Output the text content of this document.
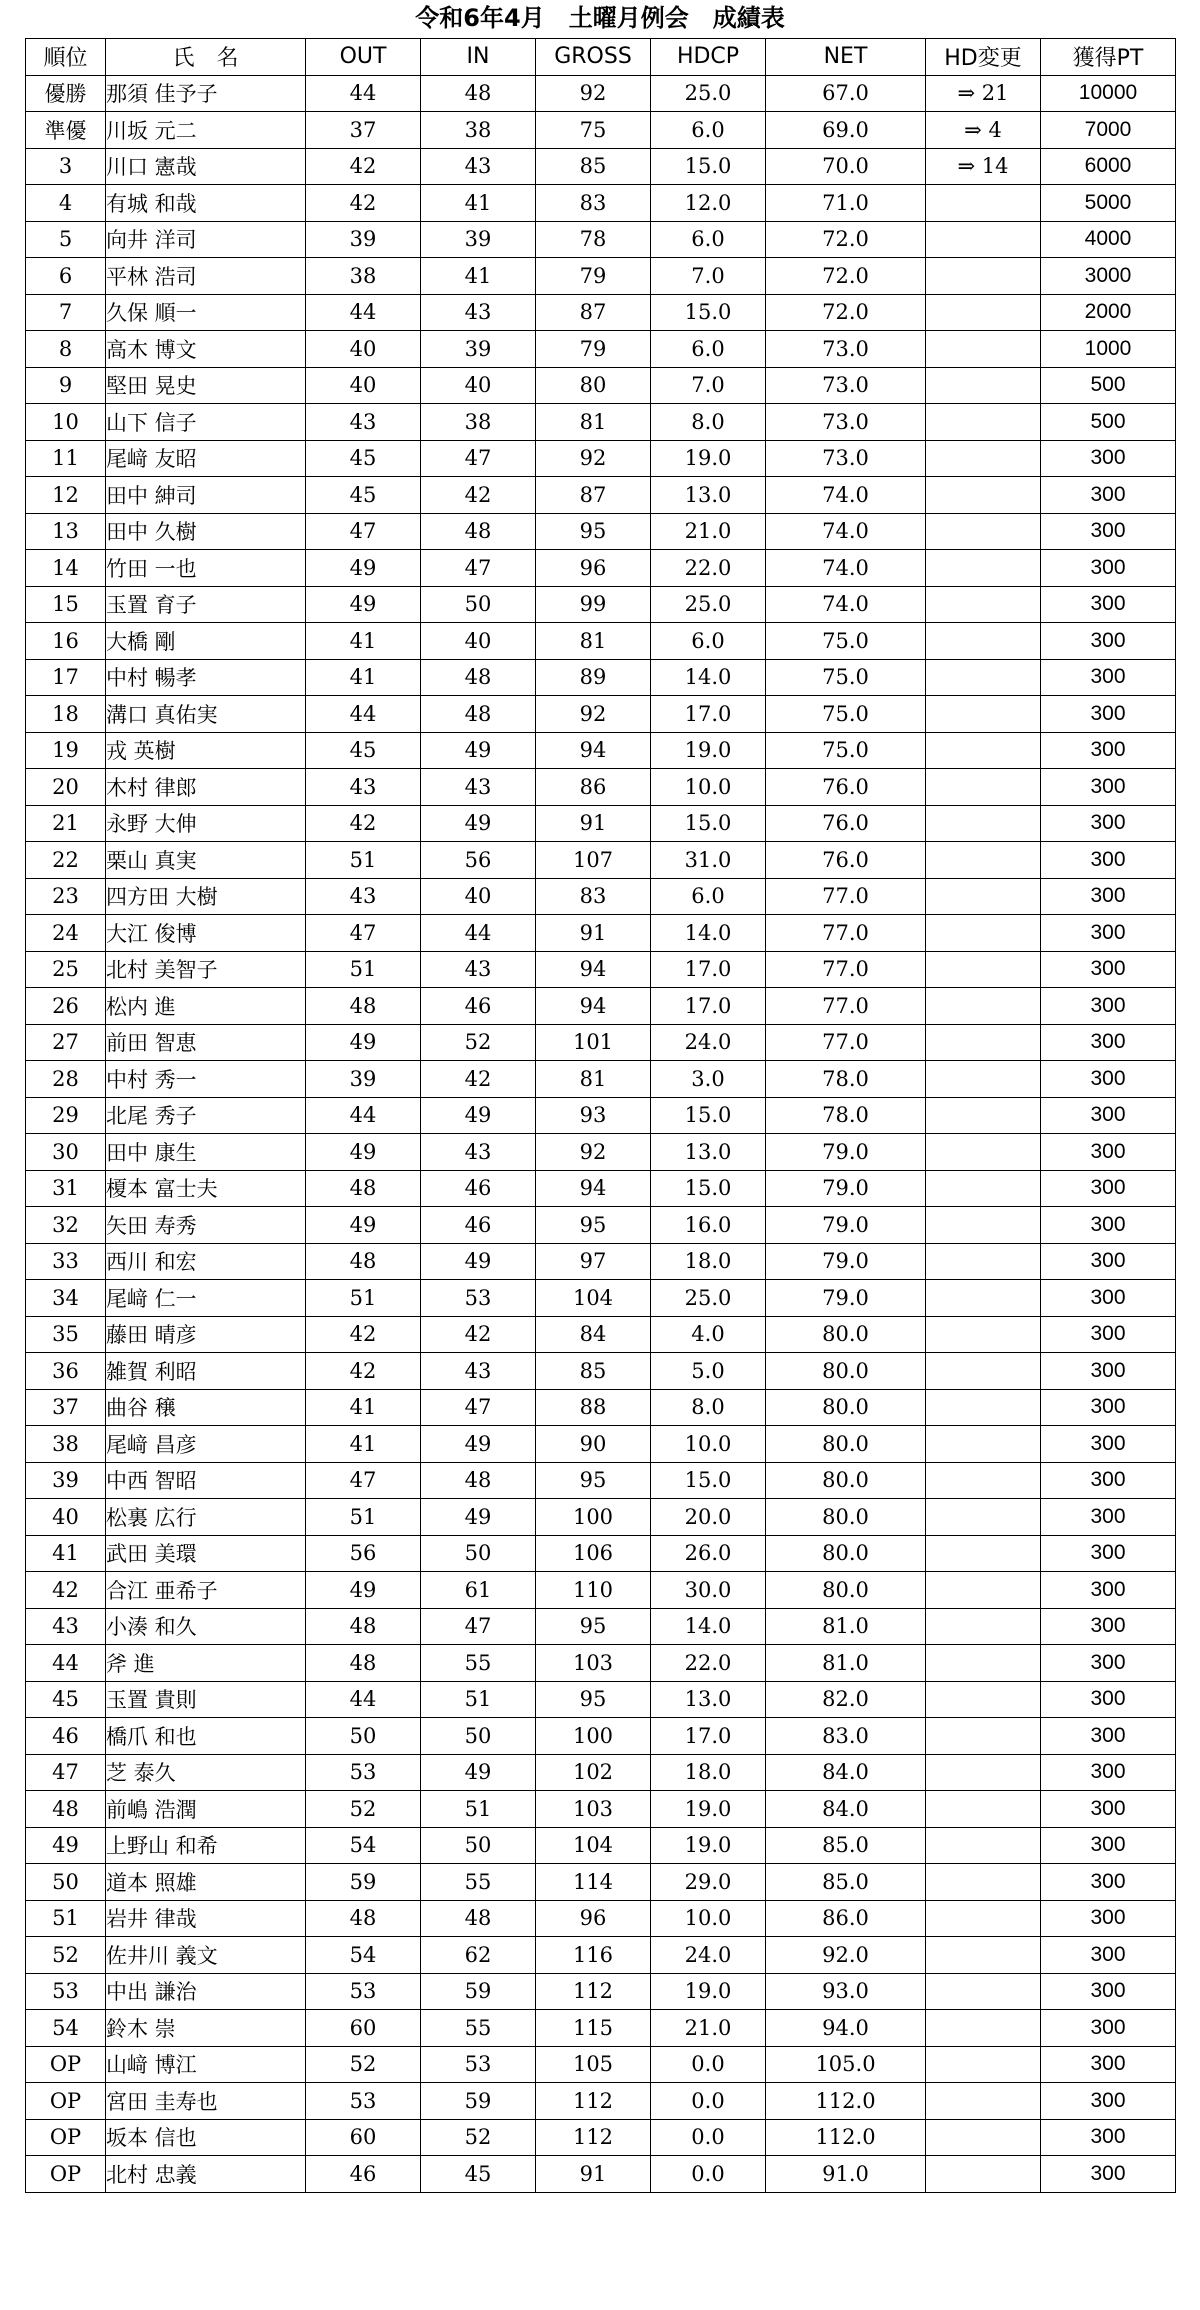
令和6年4月　土曜月例会　成績表
順位	氏　名	OUT	IN	GROSS	HDCP	NET	HD変更	獲得PT
優勝	那須 佳予子	44	48	92	25.0	67.0	⇒ 21	10000
準優	川坂 元二	37	38	75	6.0	69.0	⇒ 4	7000
3	川口 憲哉	42	43	85	15.0	70.0	⇒ 14	6000
4	有城 和哉	42	41	83	12.0	71.0		5000
5	向井 洋司	39	39	78	6.0	72.0		4000
6	平林 浩司	38	41	79	7.0	72.0		3000
7	久保 順一	44	43	87	15.0	72.0		2000
8	高木 博文	40	39	79	6.0	73.0		1000
9	堅田 晃史	40	40	80	7.0	73.0		500
10	山下 信子	43	38	81	8.0	73.0		500
11	尾﨑 友昭	45	47	92	19.0	73.0		300
12	田中 紳司	45	42	87	13.0	74.0		300
13	田中 久樹	47	48	95	21.0	74.0		300
14	竹田 一也	49	47	96	22.0	74.0		300
15	玉置 育子	49	50	99	25.0	74.0		300
16	大橋 剛	41	40	81	6.0	75.0		300
17	中村 暢孝	41	48	89	14.0	75.0		300
18	溝口 真佑実	44	48	92	17.0	75.0		300
19	戎 英樹	45	49	94	19.0	75.0		300
20	木村 律郎	43	43	86	10.0	76.0		300
21	永野 大伸	42	49	91	15.0	76.0		300
22	栗山 真実	51	56	107	31.0	76.0		300
23	四方田 大樹	43	40	83	6.0	77.0		300
24	大江 俊博	47	44	91	14.0	77.0		300
25	北村 美智子	51	43	94	17.0	77.0		300
26	松内 進	48	46	94	17.0	77.0		300
27	前田 智恵	49	52	101	24.0	77.0		300
28	中村 秀一	39	42	81	3.0	78.0		300
29	北尾 秀子	44	49	93	15.0	78.0		300
30	田中 康生	49	43	92	13.0	79.0		300
31	榎本 富士夫	48	46	94	15.0	79.0		300
32	矢田 寿秀	49	46	95	16.0	79.0		300
33	西川 和宏	48	49	97	18.0	79.0		300
34	尾﨑 仁一	51	53	104	25.0	79.0		300
35	藤田 晴彦	42	42	84	4.0	80.0		300
36	雑賀 利昭	42	43	85	5.0	80.0		300
37	曲谷 穣	41	47	88	8.0	80.0		300
38	尾﨑 昌彦	41	49	90	10.0	80.0		300
39	中西 智昭	47	48	95	15.0	80.0		300
40	松裏 広行	51	49	100	20.0	80.0		300
41	武田 美環	56	50	106	26.0	80.0		300
42	合江 亜希子	49	61	110	30.0	80.0		300
43	小湊 和久	48	47	95	14.0	81.0		300
44	斧 進	48	55	103	22.0	81.0		300
45	玉置 貴則	44	51	95	13.0	82.0		300
46	橋爪 和也	50	50	100	17.0	83.0		300
47	芝 泰久	53	49	102	18.0	84.0		300
48	前嶋 浩潤	52	51	103	19.0	84.0		300
49	上野山 和希	54	50	104	19.0	85.0		300
50	道本 照雄	59	55	114	29.0	85.0		300
51	岩井 律哉	48	48	96	10.0	86.0		300
52	佐井川 義文	54	62	116	24.0	92.0		300
53	中出 謙治	53	59	112	19.0	93.0		300
54	鈴木 崇	60	55	115	21.0	94.0		300
OP	山﨑 博江	52	53	105	0.0	105.0		300
OP	宮田 圭寿也	53	59	112	0.0	112.0		300
OP	坂本 信也	60	52	112	0.0	112.0		300
OP	北村 忠義	46	45	91	0.0	91.0		300
